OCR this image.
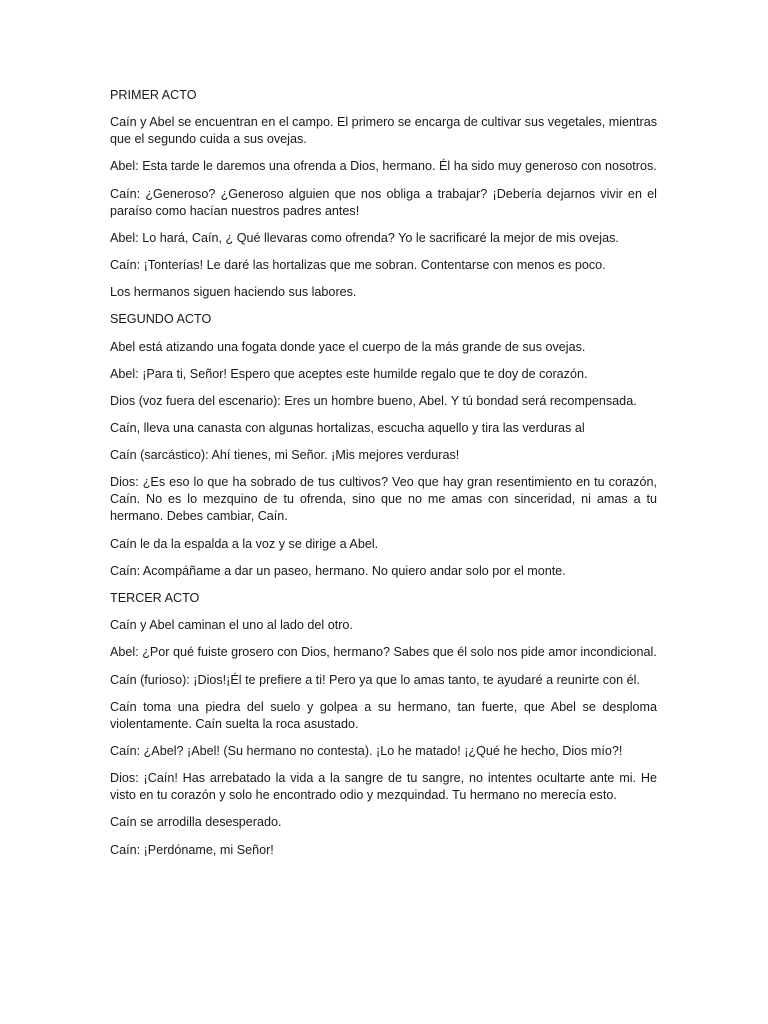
PRIMER ACTO

Caín y Abel se encuentran en el campo. El primero se encarga de cultivar sus vegetales, mientras que el segundo cuida a sus ovejas.

Abel: Esta tarde le daremos una ofrenda a Dios, hermano. Él ha sido muy generoso con nosotros.

Caín: ¿Generoso? ¿Generoso alguien que nos obliga a trabajar? ¡Debería dejarnos vivir en el paraíso como hacían nuestros padres antes!

Abel: Lo hará, Caín, ¿ Qué llevaras como ofrenda? Yo le sacrificaré la mejor de mis ovejas.

Caín: ¡Tonterías! Le daré las hortalizas que me sobran. Contentarse con menos es poco.

Los hermanos siguen haciendo sus labores.

SEGUNDO ACTO

Abel está atizando una fogata donde yace el cuerpo de la más grande de sus ovejas.

Abel: ¡Para ti, Señor! Espero que aceptes este humilde regalo que te doy de corazón.

Dios (voz fuera del escenario): Eres un hombre bueno, Abel. Y tú bondad será recompensada.

Caín, lleva una canasta con algunas hortalizas, escucha aquello y tira las verduras al

Caín (sarcástico): Ahí tienes, mi Señor. ¡Mis mejores verduras!

Dios: ¿Es eso lo que ha sobrado de tus cultivos? Veo que hay gran resentimiento en tu corazón, Caín. No es lo mezquino de tu ofrenda, sino que no me amas con sinceridad, ni amas a tu hermano. Debes cambiar, Caín.

Caín le da la espalda a la voz y se dirige a Abel.

Caín: Acompáñame a dar un paseo, hermano. No quiero andar solo por el monte.

TERCER ACTO

Caín y Abel caminan el uno al lado del otro.

Abel: ¿Por qué fuiste grosero con Dios, hermano? Sabes que él solo nos pide amor incondicional.

Caín (furioso): ¡Dios!¡Él te prefiere a ti! Pero ya que lo amas tanto, te ayudaré a reunirte con él.

Caín toma una piedra del suelo y golpea a su hermano, tan fuerte, que Abel se desploma violentamente. Caín suelta la roca asustado.

Caín: ¿Abel? ¡Abel! (Su hermano no contesta). ¡Lo he matado! ¡¿Qué he hecho, Dios mío?!

Dios: ¡Caín! Has arrebatado la vida a la sangre de tu sangre, no intentes ocultarte ante mi. He visto en tu corazón y solo he encontrado odio y mezquindad. Tu hermano no merecía esto.

Caín se arrodilla desesperado.

Caín: ¡Perdóname, mi Señor!
